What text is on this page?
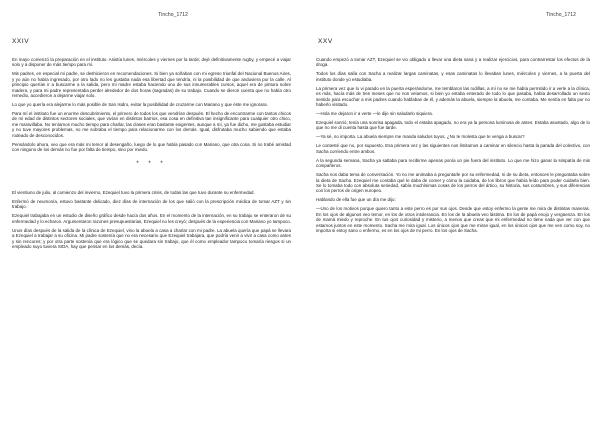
Tincho_1712
XXIV

En mayo comenzó la preparación en el instituto. Asistía lunes, miércoles y viernes por la tarde; dejé definitivamente rugby, y empecé a viajar solo y a disponer de más tiempo para mí.

Mis padres, en especial mi padre, se deshicieron en recomendaciones. Si bien ya soñaban con mi egreso triunfal del Nacional Buenos Aires, y yo aún no había ingresado, por otro lado no les gustaba nada esa libertad que tendría, ni la posibilidad de que anduviera por la calle. Al principio querían ir a buscarme a la salida, pero mi madre estaba haciendo uno de sus innumerables cursos, aquel era de pintura sobre madera, y para mi padre representaba perder alrededor de dos horas (sagradas) de su trabajo. Cuando se dieron cuenta que no había otro remedio, accedieron a dejarme viajar solo.

Lo que yo quería era alejarme lo más posible de San Isidro, evitar la posibilidad de cruzarme con Mariano y que éste me ignorara.

Para mí el instituto fue un enorme descubrimiento, el primero de todos los que vendrían después. El hecho de encontrarme con tantos chicos de mi edad de distintos sectores sociales, que vivían en distintos barrios, esa cosa en definitiva tan insignificante para cualquier otro chico, me maravillaba. No teníamos mucho tiempo para charlar, las clases eran bastante exigentes, aunque a mí, ya fue dicho, me gustaba estudiar y no tuve mayores problemas, no me sobraba el tiempo para relacionarme con los demás. Igual, disfrutaba mucho sabiendo que estaba rodeado de desconocidos.

Pensándolo ahora, veo que era más mi temor al desengaño, luego de lo que había pasado con Mariano, que otra cosa. Si no trabé amistad con ninguno de los demás no fue por falta de tiempo, sino por miedo.

* * *

El vientiuno de julio, al comienzo del invierno, Ezequiel tuvo la primera crisis, de todas las que tuvo durante su enfermedad.

Enfermó de neumonía, estuvo bastante delicado, diez días de internación de los que salió con la prescripción médica de tomar AZT y sin trabajo.

Ezequiel trabajaba en un estudio de diseño gráfico desde hacía dos años. En el momento de la internación, en su trabajo se enteraron de su enfermedad y lo echaron. Argumentaron razones presupuestarias, Ezequiel no les creyó; después de la experiencia con Mariano yo tampoco.

Unos días después de la salida de la clínica de Ezequiel, vino la abuela a casa a charlar con mi padre. La abuela quería que papá se llevara a Ezequiel a trabajar a su oficina. Mi padre sostenía que no era necesario que Ezequiel trabajara, que podría venir a vivir a casa como antes y sin rencores; y por otra parte sostenía que era lógico que se quedara sin trabajo, que él como empleador tampoco tomaría riesgos si un empleado suyo tuviera SIDA, hay que pensar en los demás, decía.

Tincho_1712
XXV

Cuando empezó a tomar AZT, Ezequiel se vio obligado a llevar una dieta sana y a realizar ejercicios, para contrarrestar los efectos de la droga.

Todos los días salía con Sacha a realizar largas caminatas, y esas caminatas lo llevaban lunes, miércoles y viernes, a la puerta del instituto donde yo estudiaba.

La primera vez que lo vi parado en la puerta esperándome, me temblaron las rodillas, a mí no se me había permitido ir a verle a la clínica, es más, hacía más de tres meses que no nos veíamos, si bien yo estaba enterado de todo lo que pasaba, había desarrollado un sexto sentido para escuchar a mis padres cuando hablaban de él, y además la abuela, siempre la abuela, me contaba. Me sentía en falta por no haberlo visitado.

—Hola me dejaron ir a verte —le dije sin saludarlo siquiera.

Ezequiel sonrió, tenía una sonrisa apagada, todo el estaba apagado, no era ya la persona luminosa de antes. Estaba asustado, algo de lo que no me di cuenta hasta que fue tarde.

—Ya sé, no importa. La abuela siempre me manda saludos tuyos. ¿No te molesta que te venga a buscar?

Le contesté que no, por supuesto. Esa primera vez y las siguientes nos limitamos a caminar en silencio hasta la parada del colectivo, con Sacha corriendo entre ambos.

A la segunda semana, Sacha ya saltaba para recibirme apenas ponía un pie fuera del instituto. Lo que me hizo ganar la simpatía de mis compañeros.

Sacha nos daba tema de conversación. Yo no me animaba a preguntarle por su enfermedad, ni de su dieta, entonces le preguntaba sobre la dieta de Sacha. Ezequiel me contaba qué le daba de comer y cómo la cuidaba, de los libros que había leído para poder cuidarla bien. Se lo tomaba todo con absoluta seriedad, sabía muchísimas cosas de los perros del ártico, su historia, sus costumbres, y sus diferencias con los perros de origen europeo.

Hablando de ella fue que un día me dijo:

—Uno de los motivos porque quiero tanto a este perro es por sus ojos. Desde que estoy enfermo la gente me mira de distintas maneras. En los ojos de algunos veo temor, en los de otros intolerancia. En los de la abuela veo lástima. En los de papá enojo y vergüenza. En los de mamá miedo y reproche. En tus ojos curiosidad y misterio, a menos que creas que mi enfermedad no tiene nada que ver con que estamos juntos en este momento. Sacha me mira igual. Los únicos ojos que me miran igual, en los únicos ojos que me ven como soy, no importa si estoy sano o enfermo, es en los ojos de mi perro. En los ojos de Sacha.
